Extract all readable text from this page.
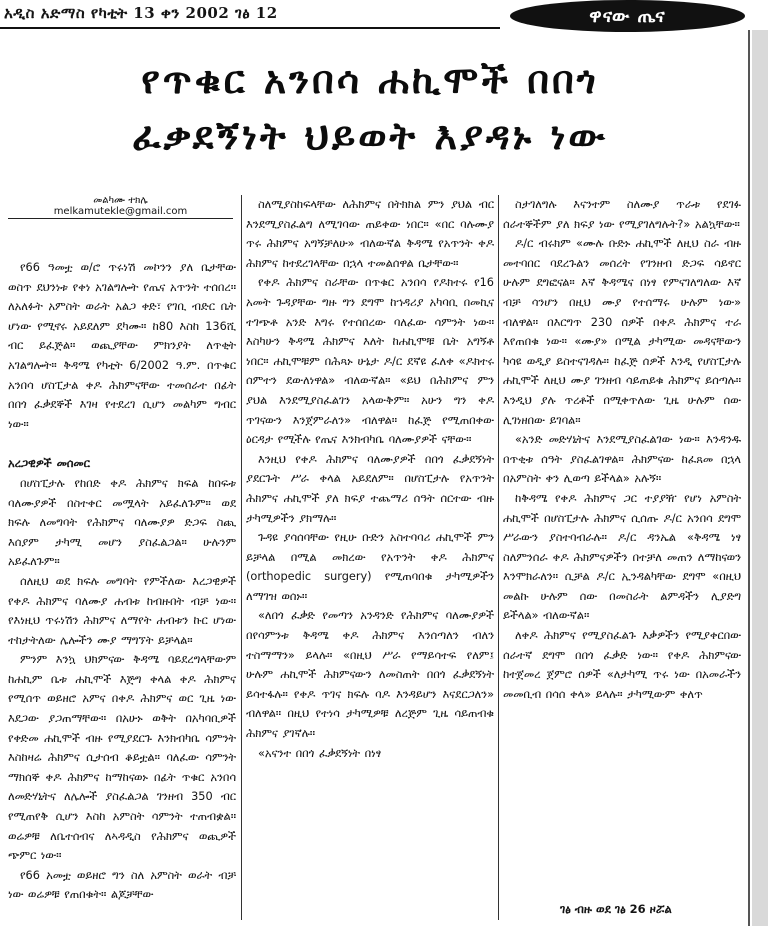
አዲስ አድማስ የካቲት 13 ቀን 2002 ገፅ 12	ዋናው ጤና
የጥቁር አንበሳ ሐኪሞች በበጎ
ፈቃደኝነት ህይወት እያዳኑ ነው
መልካሙ ተክሌ
melkamutekle@gmail.com

የ66 ዓመቷ ወ/ሮ ጥሩነሽ መኮንን ያለ ቤታቸው ወስጥ ደህንነቱ የቀነ አገልግሎት የጤና አጥንት ተሰበረ። ለአለፉት አምስት ወራት አልጋ ቀድ፣ የገቢ ብድር ቤት ሆነው የሚኖሩ አይደለም ደካሙ። ከ80 እስከ 136ሺ ብር ይፈጅል። ወጪያቸው ምክንያት ለጥቂት አገልግሎት። ቅዳሜ የካቲት 6/2002 ዓ.ም. በጥቁር አንበሳ ሆስፒታል ቀዶ ሕክምናቸው ተመሰራተ በፊት በበጎ ፈቃደኞች እገዛ የተደረገ ሲሆን መልካም ግብር ነው።

አረጋዊዎች መሰመር

በሆስፒታሉ የከበድ ቀዶ ሕክምና ክፍል ከበፍቱ ባለሙያዎች በስተቀር መሟላት አይፈለጉም። ወደ ክፍሉ ለመግባት የሕክምና ባለሙያዎ ድጋፍ ስጪ እሰያም ታካሚ መሆን ያስፈልጋል። ሁሉንም አይፈለጉም።

ሰለዚህ ወደ ክፍሉ መግባት የምችለው እረጋዊዎች የቀዶ ሕክምና ባለሙያ ሐብቱ ከብዙበት ብቻ ነው። የእነዚህ ጥሩነሽን ሕክምና ለማየት ሐብቱን ኩር ሆነው ተከታትለው ሌሎችን ሙያ ማግኘት ይቻላል።

ምንም እንኳ ህክምናው ቅዳሜ ባይደረግላቸውም ከሐኪም ቤቱ ሐኪሞች እጅግ ቀላል ቀዶ ሕክምና የሚሰጥ ወይዘሮ አምና በቀዶ ሕክምና ወር ጊዜ ነው እደጋው ያጋጠማቸው። በአሁኑ ወቅት በአካባቢዎች የቀድመ ሐኪሞች ብዙ የሚያደርጉ እንክብካቤ ሳምንት እስከዛሬ ሕክምና ሲታሰብ ቆይቷል። ባለፈው ሳምንት ማክሰኞ ቀዶ ሕክምና ከማከናወኑ በፊት ጥቁር አንበሳ ለመድሃኒትና ለሌሎች ያስፈልጋል ገንዘብ 350 ብር የሚጠየቅ ሲሆን እስከ አምስት ሳምንት ተጠብቋል። ወሬዎቹ ለቤተሰብና ለኣዳዲስ የሕክምና ወጪዎች ጭምር ነው።

የ66 አመቷ ወይዘሮ ግን ስለ አምስት ወራት ብቻ ነው ወሬዎቹ የጠበቁት። ልጆቻቸው

ስለሚያስከፍላቸው ለሕክምና በትክክል ምን ያህል ብር እንደሚያስፈልግ ለሚገባው ጠይቀው ነበር። «በር ባሉሙያ ጥሩ ሕክምና አግኝቻለሁ» ብለውኛል ቅዳሜ የአጥንት ቀዶ ሕክምና ከተደረገላቸው በኋላ ተመልሰዋል ቤታቸው።

የቀዶ ሕክምና ስራቸው በጥቁር አንበሳ የዶክተሩ የ16 አመት ጉዳያቸው ግዙ ግን ደግሞ ከኀዳሪያ አካባቢ በመኪና ተገጭቶ አንድ እግሩ የተሰበረው ባለፈው ሳምንት ነው። እስካሁን ቅዳሜ ሕክምና እለት ከሐኪሞቹ ቤት አግኝቶ ነበር። ሐኪሞቹም በሕጻኑ ሁኔታ ዶ/ር ደኛዩ ፈለቀ «ዶክተሩ ሰምተን ደውለነዋል» ብለውኛል። «ይህ በሕክምና ምን ያህል እንደሚያስፈልገን አላውቅም። አሁን ግን ቀዶ ጥገናውን እንጀምራለን» ብለዋል። ከፈጅ የሚጠበቀው ዕርዳታ የሚችሉ የጤና እንክብካቤ ባለሙያዎች ናቸው።

እንዚህ የቀዶ ሕክምና ባለሙያዎች በበጎ ፈቃደኝነት ያደርጉት ሥራ ቀላል አይደለም። በሆስፒታሉ የአጥንት ሕክምና ሐኪሞች ያለ ክፍያ ተጨማሪ ሰዓት ሰርተው ብዙ ታካሚዎችን ያክማሉ።

ጉዳዩ ያሳሰባቸው የዚሁ ቡድን አስተባባሪ ሐኪሞች ምን ይቻላል በሚል መክረው የአጥንት ቀዶ ሕክምና (orthopedic surgery) የሚጠባበቁ ታካሚዎችን ለማገዝ ወሰኑ።

«ለበጎ ፈቃድ የመጣን አንዳንድ የሕክምና ባለሙያዎች በየሳምንቱ ቅዳሜ ቀዶ ሕክምና እንሰጣለን ብለን ተስማማን» ይላሉ። «በዚህ ሥራ የማይሳተፍ የለም፤ ሁሉም ሐኪሞች ሕክምናውን ለመስጠት በበጎ ፈቃደኝነት ይሳተፋሉ። የቀዶ ጥገና ክፍሉ ባዶ እንዳይሆን እናደርጋለን» ብለዋል። በዚህ የተነሳ ታካሚዎቹ ለረጅም ጊዜ ሳይጠብቁ ሕክምና ያገኛሉ።

«አናንተ በበጎ ፈቃደኝነት በነፃ

ስታገለግሉ እናንተም ስለሙያ ጥራቱ የደገፉ ሰራተኞችም ያለ ክፍያ ነው የሚያገለግሉት?» አልኳቸው።

ዶ/ር ብሩክም «ሙሉ ቡድኑ ሐኪሞች ለዚህ ስራ ብዙ መተባበር ባደረጉልን መሰረት የገንዘብ ድጋፍ ሳይኖር ሁሉም ደግፎናል። እኛ ቅዳሜና በነፃ የምናገለግለው እኛ ብቻ ሳንሆን በዚህ ሙያ የተሰማሩ ሁሉም ነው» ብለዋል። በእርግጥ 230 ሰዎች በቀዶ ሕክምና ተራ እየጠበቁ ነው። «ሙያ» በሚል ታካሚው መዳናቸውን ካሳዩ ወዲያ ይስተናገዳሉ። ከፈጅ ሰዎች እንዲ የሆስፒታሉ ሐኪሞች ለዚህ ሙያ ገንዘብ ሳይጠይቁ ሕክምና ይሰጣሉ። እንዲህ ያሉ ጥረቶች በሚቀጥለው ጊዜ ሁሉም ሰው ሊገነዘበው ይገባል።

«አንድ መድሃኒትና እንደሚያስፈልገው ነው። እንዳንዱ በጥቂቱ ሰዓት ያስፈልገዋል። ሕክምናው ከፈጸመ በኋላ በአምስት ቀን ሊወጣ ይችላል» አሉኝ።

ከቅዳሜ የቀዶ ሕክምና ጋር ተያያዥ የሆነ አምስት ሐኪሞች በሆስፒታሉ ሕክምና ሲሰጡ ዶ/ር አንበሳ ደግሞ ሥራውን ያስተባብራሉ። ዶ/ር ዳንኤል «ቅዳሜ ነፃ ስለምንሰራ ቀዶ ሕክምናዎችን በተቻለ መጠን ለማከናወን እንሞክራለን። ሲቻል ዶ/ር ኢንዳልካቸው ደግሞ «በዚህ መልኩ ሁሉም ሰው በመስራት ልምዳችን ሊያድግ ይችላል» ብለውኛል።

ለቀዶ ሕክምና የሚያስፈልጉ እቃዎችን የሚያቀርበው ሰራተኛ ደግሞ በበጎ ፈቃድ ነው። የቀዶ ሕክምናው ከተጀመረ ጀምሮ ሰዎች «ለታካሚ ጥሩ ነው በአመራችን መመቢብ በሳሰ ቀላ» ይላሉ። ታካሚውም ቀለጥ

ገፅ ብዙ ወደ ገፅ 26 ዞሯል
